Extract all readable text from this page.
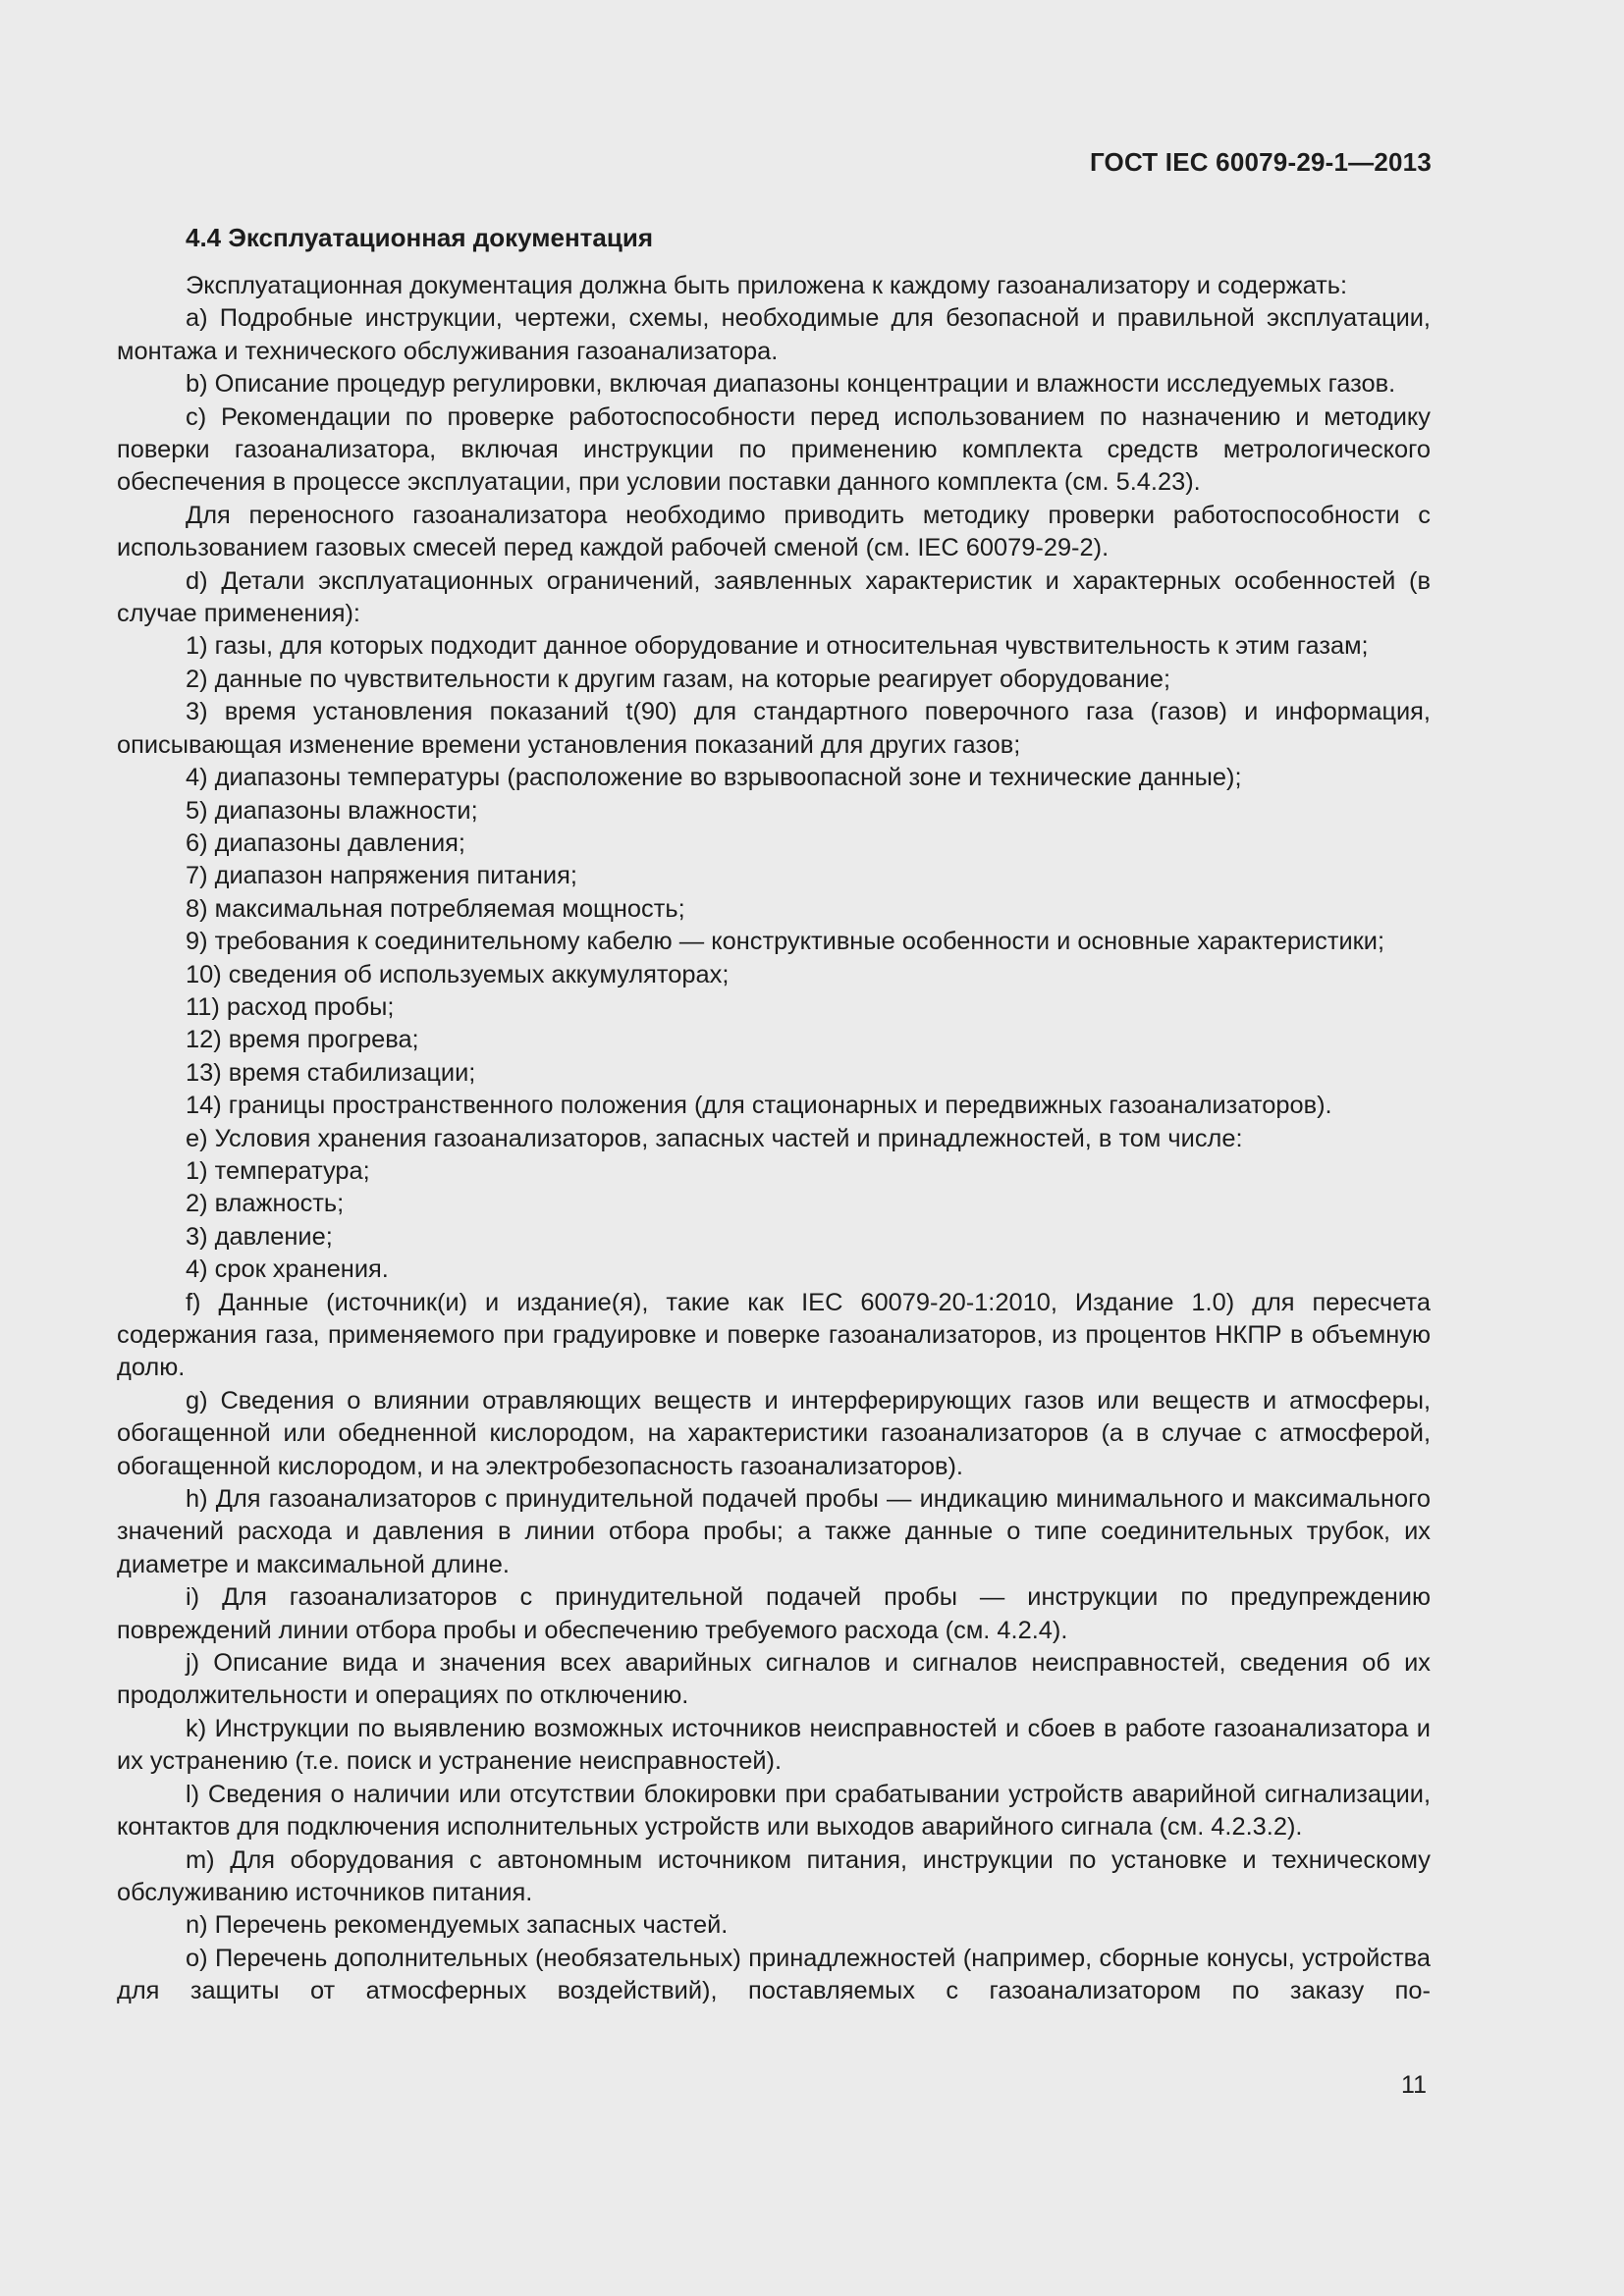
ГОСТ IEC 60079-29-1—2013
4.4 Эксплуатационная документация

Эксплуатационная документация должна быть приложена к каждому газоанализатору и содержать:

a) Подробные инструкции, чертежи, схемы, необходимые для безопасной и правильной эксплуатации, монтажа и технического обслуживания газоанализатора.

b) Описание процедур регулировки, включая диапазоны концентрации и влажности исследуемых газов.

c) Рекомендации по проверке работоспособности перед использованием по назначению и методику поверки газоанализатора, включая инструкции по применению комплекта средств метрологического обеспечения в процессе эксплуатации, при условии поставки данного комплекта (см. 5.4.23).

Для переносного газоанализатора необходимо приводить методику проверки работоспособности с использованием газовых смесей перед каждой рабочей сменой (см. IEC 60079-29-2).

d) Детали эксплуатационных ограничений, заявленных характеристик и характерных особенностей (в случае применения):

1) газы, для которых подходит данное оборудование и относительная чувствительность к этим газам;

2) данные по чувствительности к другим газам, на которые реагирует оборудование;

3) время установления показаний t(90) для стандартного поверочного газа (газов) и информация, описывающая изменение времени установления показаний для других газов;

4) диапазоны температуры (расположение во взрывоопасной зоне и технические данные);

5) диапазоны влажности;

6) диапазоны давления;

7) диапазон напряжения питания;

8) максимальная потребляемая мощность;

9) требования к соединительному кабелю — конструктивные особенности и основные характеристики;

10) сведения об используемых аккумуляторах;

11) расход пробы;

12) время прогрева;

13) время стабилизации;

14) границы пространственного положения (для стационарных и передвижных газоанализаторов).

e) Условия хранения газоанализаторов, запасных частей и принадлежностей, в том числе:

1) температура;

2) влажность;

3) давление;

4) срок хранения.

f) Данные (источник(и) и издание(я), такие как IEC 60079-20-1:2010, Издание 1.0) для пересчета содержания газа, применяемого при градуировке и поверке газоанализаторов, из процентов НКПР в объемную долю.

g) Сведения о влиянии отравляющих веществ и интерферирующих газов или веществ и атмосферы, обогащенной или обедненной кислородом, на характеристики газоанализаторов (а в случае с атмосферой, обогащенной кислородом, и на электробезопасность газоанализаторов).

h) Для газоанализаторов с принудительной подачей пробы — индикацию минимального и максимального значений расхода и давления в линии отбора пробы; а также данные о типе соединительных трубок, их диаметре и максимальной длине.

i) Для газоанализаторов с принудительной подачей пробы — инструкции по предупреждению повреждений линии отбора пробы и обеспечению требуемого расхода (см. 4.2.4).

j) Описание вида и значения всех аварийных сигналов и сигналов неисправностей, сведения об их продолжительности и операциях по отключению.

k) Инструкции по выявлению возможных источников неисправностей и сбоев в работе газоанализатора и их устранению (т.е. поиск и устранение неисправностей).

l) Сведения о наличии или отсутствии блокировки при срабатывании устройств аварийной сигнализации, контактов для подключения исполнительных устройств или выходов аварийного сигнала (см. 4.2.3.2).

m) Для оборудования с автономным источником питания, инструкции по установке и техническому обслуживанию источников питания.

n) Перечень рекомендуемых запасных частей.

o) Перечень дополнительных (необязательных) принадлежностей (например, сборные конусы, устройства для защиты от атмосферных воздействий), поставляемых с газоанализатором по заказу по-

11
